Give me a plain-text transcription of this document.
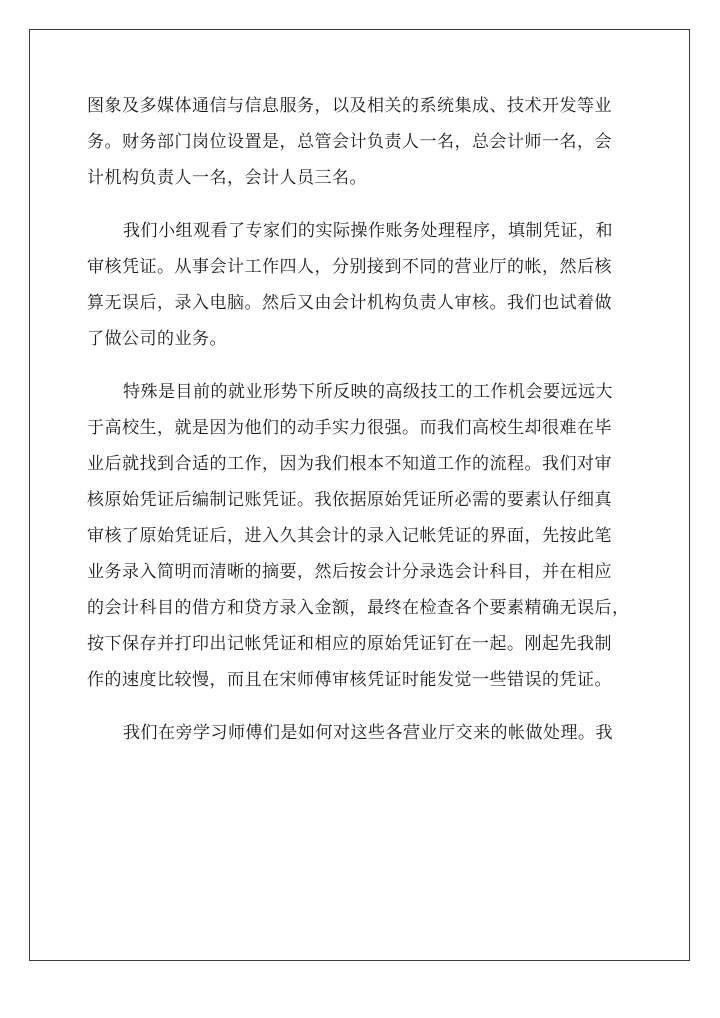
图象及多媒体通信与信息服务，以及相关的系统集成、技术开发等业
务。财务部门岗位设置是，总管会计负责人一名，总会计师一名，会
计机构负责人一名，会计人员三名。
我们小组观看了专家们的实际操作账务处理程序，填制凭证，和
审核凭证。从事会计工作四人，分别接到不同的营业厅的帐，然后核
算无误后，录入电脑。然后又由会计机构负责人审核。我们也试着做
了做公司的业务。
特殊是目前的就业形势下所反映的高级技工的工作机会要远远大
于高校生，就是因为他们的动手实力很强。而我们高校生却很难在毕
业后就找到合适的工作，因为我们根本不知道工作的流程。我们对审
核原始凭证后编制记账凭证。我依据原始凭证所必需的要素认仔细真
审核了原始凭证后，进入久其会计的录入记帐凭证的界面，先按此笔
业务录入简明而清晰的摘要，然后按会计分录选会计科目，并在相应
的会计科目的借方和贷方录入金额，最终在检查各个要素精确无误后，
按下保存并打印出记帐凭证和相应的原始凭证钉在一起。刚起先我制
作的速度比较慢，而且在宋师傅审核凭证时能发觉一些错误的凭证。
我们在旁学习师傅们是如何对这些各营业厅交来的帐做处理。我
